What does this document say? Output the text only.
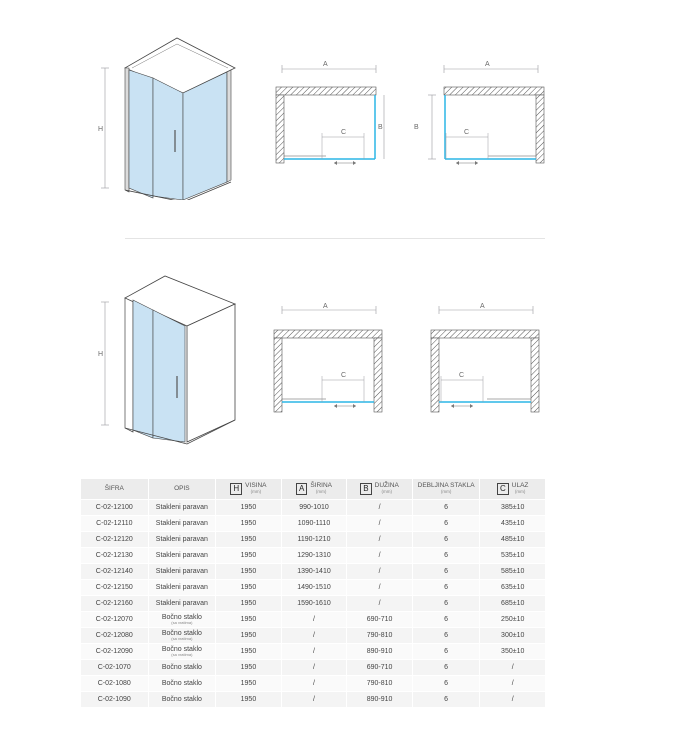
H
A
C
B
A
B
C
H
A
C
A
C
ŠIFRA	OPIS	H VISINA
(mm)	A ŠIRINA
(mm)	B DUŽINA
(mm)	DEBLJINA STAKLA
(mm)	C ULAZ
(mm)

C-02-12100	Stakleni paravan	1950	990-1010	/	6	385±10
C-02-12110	Stakleni paravan	1950	1090-1110	/	6	435±10
C-02-12120	Stakleni paravan	1950	1190-1210	/	6	485±10
C-02-12130	Stakleni paravan	1950	1290-1310	/	6	535±10
C-02-12140	Stakleni paravan	1950	1390-1410	/	6	585±10
C-02-12150	Stakleni paravan	1950	1490-1510	/	6	635±10
C-02-12160	Stakleni paravan	1950	1590-1610	/	6	685±10
C-02-12070	Bočno staklo
(sa vratima)	1950	/	690-710	6	250±10
C-02-12080	Bočno staklo
(sa vratima)	1950	/	790-810	6	300±10
C-02-12090	Bočno staklo
(sa vratima)	1950	/	890-910	6	350±10
C-02-1070	Bočno staklo	1950	/	690-710	6	/
C-02-1080	Bočno staklo	1950	/	790-810	6	/
C-02-1090	Bočno staklo	1950	/	890-910	6	/
